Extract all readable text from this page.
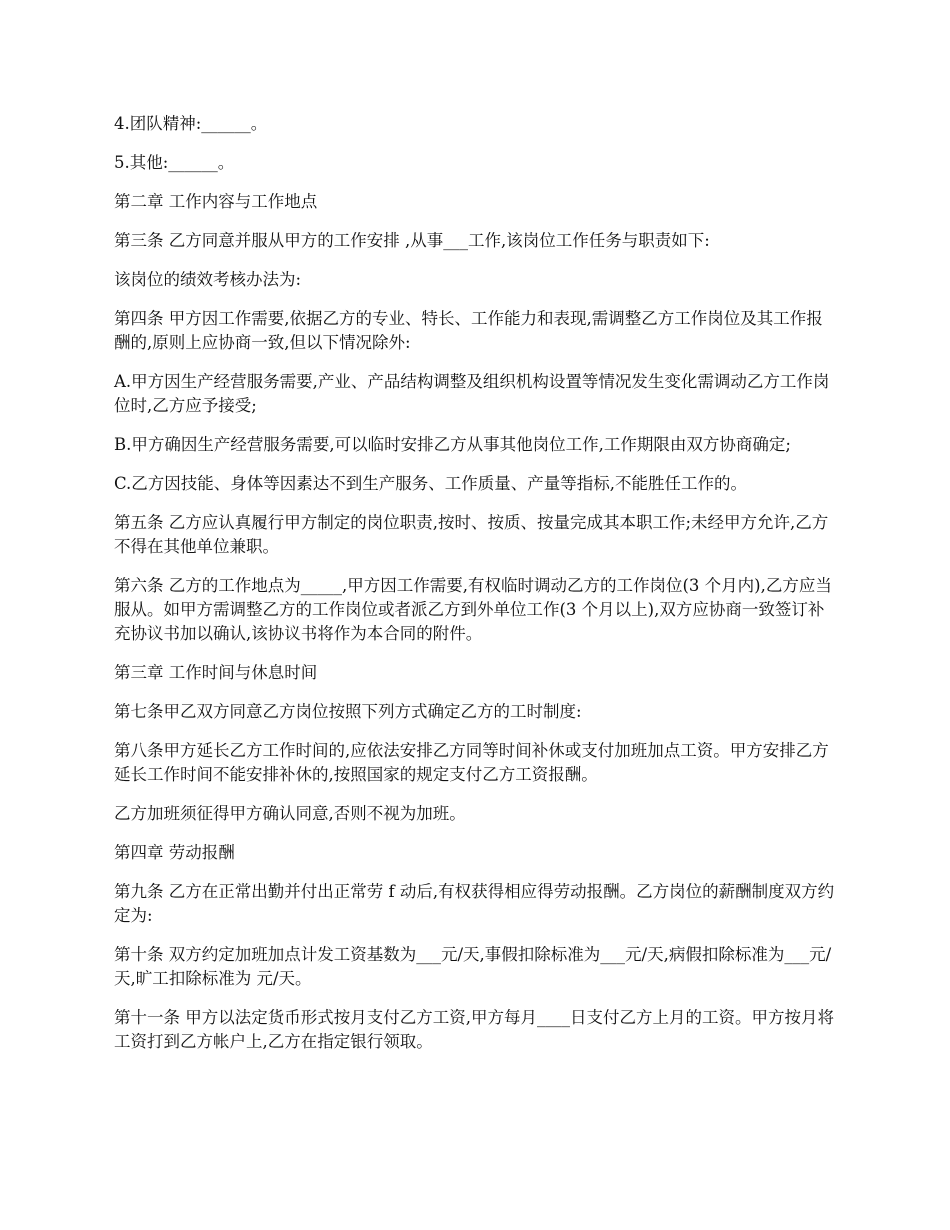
4.团队精神:______。

5.其他:______。

第二章 工作内容与工作地点

第三条 乙方同意并服从甲方的工作安排 ,从事___工作,该岗位工作任务与职责如下:

该岗位的绩效考核办法为:

第四条 甲方因工作需要,依据乙方的专业、特长、工作能力和表现,需调整乙方工作岗位及其工作报酬的,原则上应协商一致,但以下情况除外:

A.甲方因生产经营服务需要,产业、产品结构调整及组织机构设置等情况发生变化需调动乙方工作岗位时,乙方应予接受;

B.甲方确因生产经营服务需要,可以临时安排乙方从事其他岗位工作,工作期限由双方协商确定;

C.乙方因技能、身体等因素达不到生产服务、工作质量、产量等指标,不能胜任工作的。

第五条 乙方应认真履行甲方制定的岗位职责,按时、按质、按量完成其本职工作;未经甲方允许,乙方不得在其他单位兼职。

第六条 乙方的工作地点为_____,甲方因工作需要,有权临时调动乙方的工作岗位(3 个月内),乙方应当服从。如甲方需调整乙方的工作岗位或者派乙方到外单位工作(3 个月以上),双方应协商一致签订补充协议书加以确认,该协议书将作为本合同的附件。

第三章 工作时间与休息时间

第七条甲乙双方同意乙方岗位按照下列方式确定乙方的工时制度:

第八条甲方延长乙方工作时间的,应依法安排乙方同等时间补休或支付加班加点工资。甲方安排乙方延长工作时间不能安排补休的,按照国家的规定支付乙方工资报酬。

乙方加班须征得甲方确认同意,否则不视为加班。

第四章 劳动报酬

第九条 乙方在正常出勤并付出正常劳 f 动后,有权获得相应得劳动报酬。乙方岗位的薪酬制度双方约定为:

第十条 双方约定加班加点计发工资基数为___元/天,事假扣除标准为___元/天,病假扣除标准为___元/天,旷工扣除标准为 元/天。

第十一条 甲方以法定货币形式按月支付乙方工资,甲方每月____日支付乙方上月的工资。甲方按月将工资打到乙方帐户上,乙方在指定银行领取。
